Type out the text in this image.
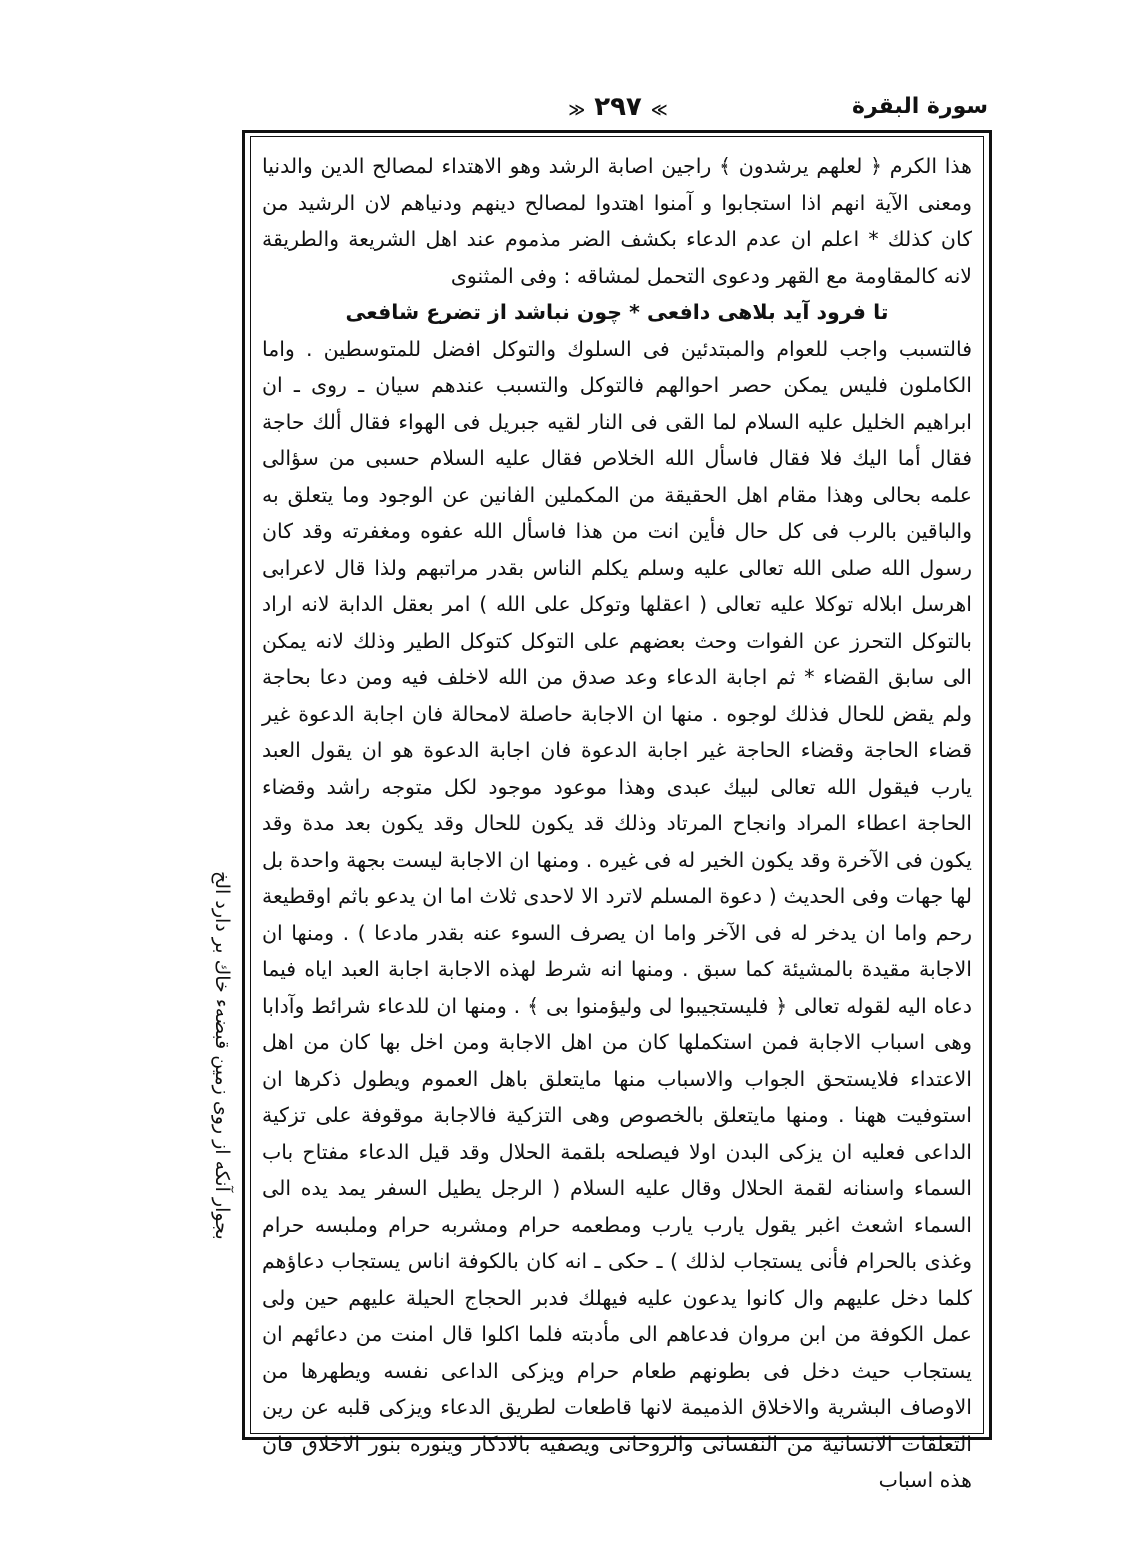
سورة البقرة
≫ ٢٩٧ ≪

هذا الكرم ﴿ لعلهم يرشدون ﴾ راجين اصابة الرشد وهو الاهتداء لمصالح الدين والدنيا ومعنى الآية انهم اذا استجابوا و آمنوا اهتدوا لمصالح دينهم ودنياهم لان الرشيد من كان كذلك * اعلم ان عدم الدعاء بكشف الضر مذموم عند اهل الشريعة والطريقة لانه كالمقاومة مع القهر ودعوى التحمل لمشاقه : وفى المثنوى

تا فرود آيد بلاهى دافعى * چون نباشد از تضرع شافعى

فالتسبب واجب للعوام والمبتدئين فى السلوك والتوكل افضل للمتوسطين . واما الكاملون فليس يمكن حصر احوالهم فالتوكل والتسبب عندهم سيان ـ روى ـ ان ابراهيم الخليل عليه السلام لما القى فى النار لقيه جبريل فى الهواء فقال ألك حاجة فقال أما اليك فلا فقال فاسأل الله الخلاص فقال عليه السلام حسبى من سؤالى علمه بحالى وهذا مقام اهل الحقيقة من المكملين الفانين عن الوجود وما يتعلق به والباقين بالرب فى كل حال فأين انت من هذا فاسأل الله عفوه ومغفرته وقد كان رسول الله صلى الله تعالى عليه وسلم يكلم الناس بقدر مراتبهم ولذا قال لاعرابى اهرسل ابلاله توكلا عليه تعالى ( اعقلها وتوكل على الله ) امر بعقل الدابة لانه اراد بالتوكل التحرز عن الفوات وحث بعضهم على التوكل كتوكل الطير وذلك لانه يمكن الى سابق القضاء * ثم اجابة الدعاء وعد صدق من الله لاخلف فيه ومن دعا بحاجة ولم يقض للحال فذلك لوجوه . منها ان الاجابة حاصلة لامحالة فان اجابة الدعوة غير قضاء الحاجة وقضاء الحاجة غير اجابة الدعوة فان اجابة الدعوة هو ان يقول العبد يارب فيقول الله تعالى لبيك عبدى وهذا موعود موجود لكل متوجه راشد وقضاء الحاجة اعطاء المراد وانجاح المرتاد وذلك قد يكون للحال وقد يكون بعد مدة وقد يكون فى الآخرة وقد يكون الخير له فى غيره . ومنها ان الاجابة ليست بجهة واحدة بل لها جهات وفى الحديث ( دعوة المسلم لاترد الا لاحدى ثلاث اما ان يدعو باثم اوقطيعة رحم واما ان يدخر له فى الآخر واما ان يصرف السوء عنه بقدر مادعا ) . ومنها ان الاجابة مقيدة بالمشيئة كما سبق . ومنها انه شرط لهذه الاجابة اجابة العبد اياه فيما دعاه اليه لقوله تعالى ﴿ فليستجيبوا لى وليؤمنوا بى ﴾ . ومنها ان للدعاء شرائط وآدابا وهى اسباب الاجابة فمن استكملها كان من اهل الاجابة ومن اخل بها كان من اهل الاعتداء فلايستحق الجواب والاسباب منها مايتعلق باهل العموم ويطول ذكرها ان استوفيت ههنا . ومنها مايتعلق بالخصوص وهى التزكية فالاجابة موقوفة على تزكية الداعى فعليه ان يزكى البدن اولا فيصلحه بلقمة الحلال وقد قيل الدعاء مفتاح باب السماء واسنانه لقمة الحلال وقال عليه السلام ( الرجل يطيل السفر يمد يده الى السماء اشعث اغبر يقول يارب يارب ومطعمه حرام ومشربه حرام وملبسه حرام وغذى بالحرام فأنى يستجاب لذلك ) ـ حكى ـ انه كان بالكوفة اناس يستجاب دعاؤهم كلما دخل عليهم وال كانوا يدعون عليه فيهلك فدبر الحجاج الحيلة عليهم حين ولى عمل الكوفة من ابن مروان فدعاهم الى مأدبته فلما اكلوا قال امنت من دعائهم ان يستجاب حيث دخل فى بطونهم طعام حرام ويزكى الداعى نفسه ويطهرها من الاوصاف البشرية والاخلاق الذميمة لانها قاطعات لطريق الدعاء ويزكى قلبه عن رين التعلقات الانسانية من النفسانى والروحانى ويصفيه بالاذكار وينوره بنور الاخلاق فان هذه اسباب

بجوار آنكه از روى زمين قبضهء خاك بر دارد الخ
